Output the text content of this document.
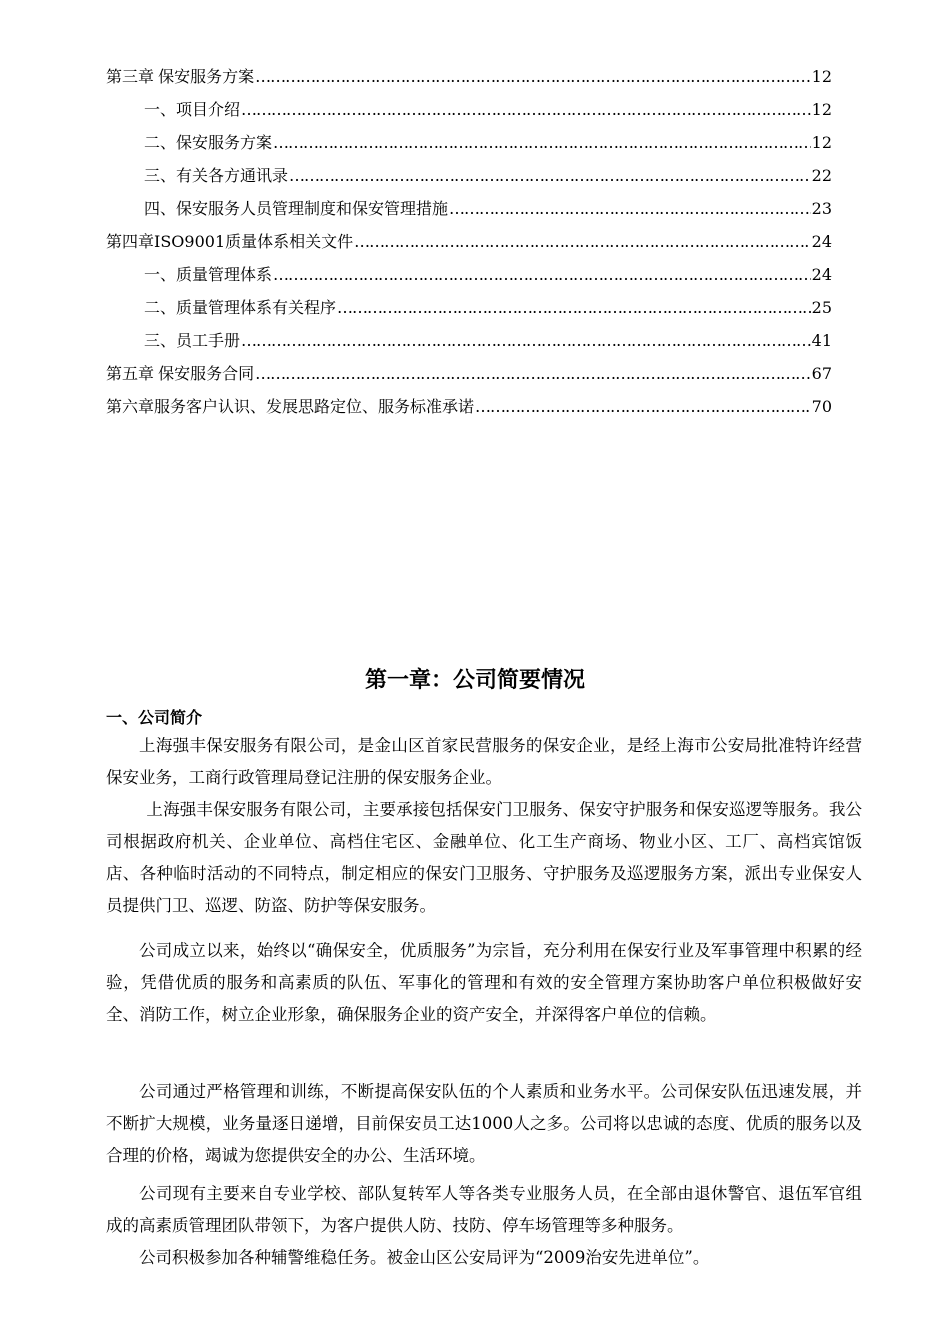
第三章 保安服务方案 ………………………………………………………………………………………………………………………………………………	12
一、项目介绍 ………………………………………………………………………………………………………………………………………………	12
二、保安服务方案 ………………………………………………………………………………………………………………………………………………	12
三、有关各方通讯录 ………………………………………………………………………………………………………………………………………………	22
四、保安服务人员管理制度和保安管理措施 ………………………………………………………………………………………………………………………………………………	23
第四章 ISO9001质量体系相关文件 ………………………………………………………………………………………………………………………………………………	24
一、质量管理体系 ………………………………………………………………………………………………………………………………………………	24
二、质量管理体系有关程序 ………………………………………………………………………………………………………………………………………………	25
三、员工手册 ………………………………………………………………………………………………………………………………………………	41
第五章 保安服务合同 ………………………………………………………………………………………………………………………………………………	67
第六章 服务客户认识、发展思路定位、服务标准承诺 ………………………………………………………………………………………………………………………………………………	70
第一章：公司简要情况
一、公司简介

上海强丰保安服务有限公司，是金山区首家民营服务的保安企业，是经上海市公安局批准特许经营保安业务，工商行政管理局登记注册的保安服务企业。

上海强丰保安服务有限公司，主要承接包括保安门卫服务、保安守护服务和保安巡逻等服务。我公司根据政府机关、企业单位、高档住宅区、金融单位、化工生产商场、物业小区、工厂、高档宾馆饭店、各种临时活动的不同特点，制定相应的保安门卫服务、守护服务及巡逻服务方案，派出专业保安人员提供门卫、巡逻、防盗、防护等保安服务。

公司成立以来，始终以“确保安全，优质服务”为宗旨，充分利用在保安行业及军事管理中积累的经验，凭借优质的服务和高素质的队伍、军事化的管理和有效的安全管理方案协助客户单位积极做好安全、消防工作，树立企业形象，确保服务企业的资产安全，并深得客户单位的信赖。

公司通过严格管理和训练，不断提高保安队伍的个人素质和业务水平。公司保安队伍迅速发展，并不断扩大规模，业务量逐日递增，目前保安员工达1000人之多。公司将以忠诚的态度、优质的服务以及合理的价格，竭诚为您提供安全的办公、生活环境。

公司现有主要来自专业学校、部队复转军人等各类专业服务人员，在全部由退休警官、退伍军官组成的高素质管理团队带领下，为客户提供人防、技防、停车场管理等多种服务。

公司积极参加各种辅警维稳任务。被金山区公安局评为“2009治安先进单位”。
